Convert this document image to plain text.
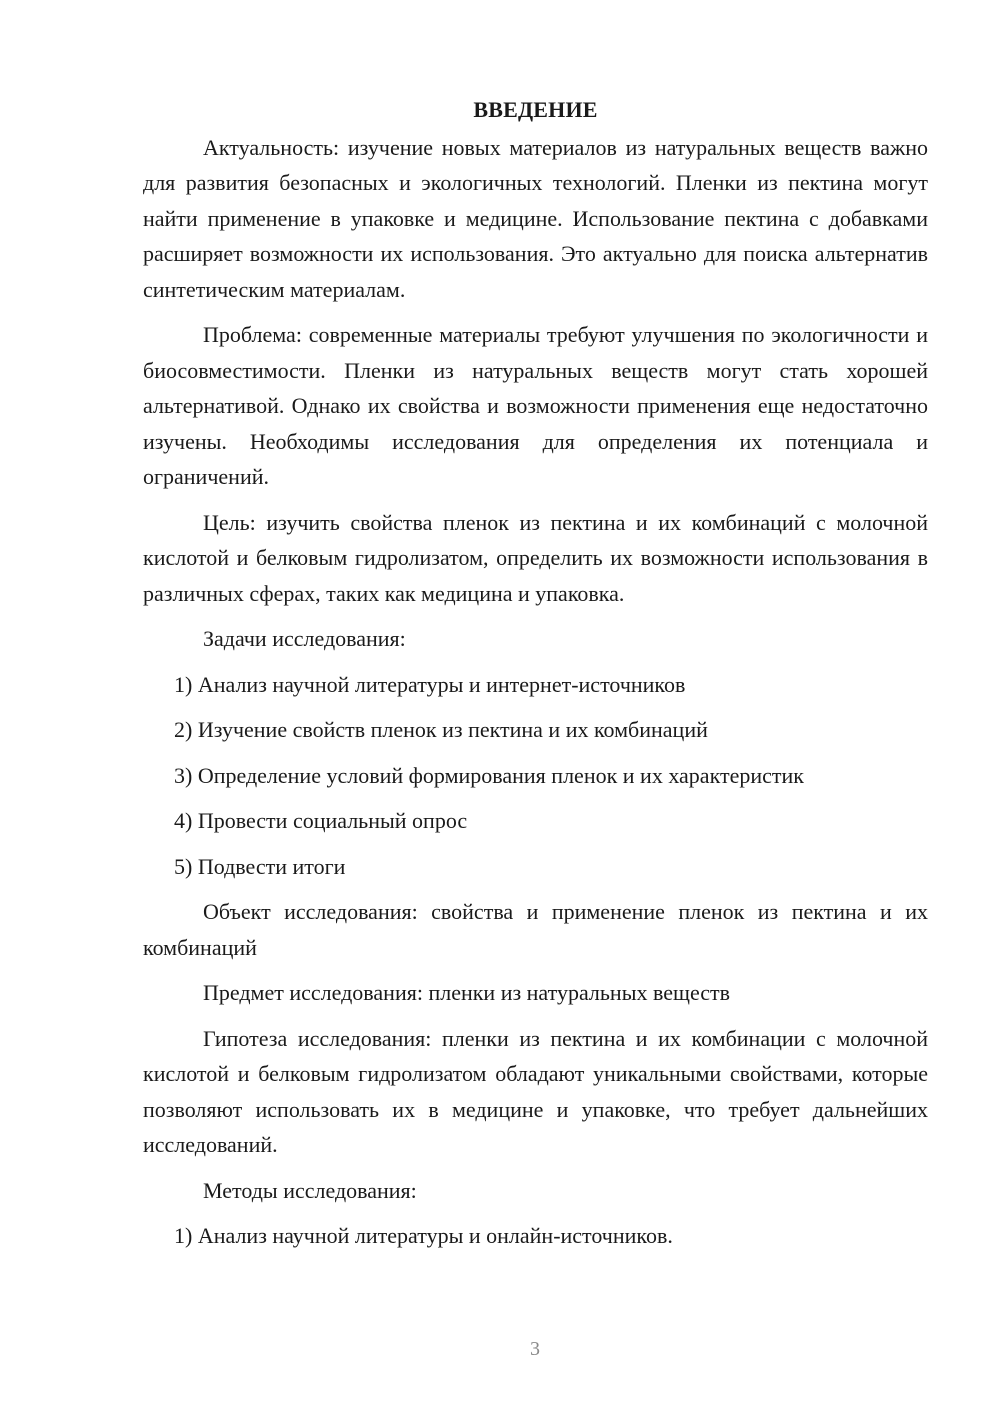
ВВЕДЕНИЕ

Актуальность: изучение новых материалов из натуральных веществ важно для развития безопасных и экологичных технологий. Пленки из пектина могут найти применение в упаковке и медицине. Использование пектина с добавками расширяет возможности их использования. Это актуально для поиска альтернатив синтетическим материалам.

Проблема: современные материалы требуют улучшения по экологичности и биосовместимости. Пленки из натуральных веществ могут стать хорошей альтернативой. Однако их свойства и возможности применения еще недостаточно изучены. Необходимы исследования для определения их потенциала и ограничений.

Цель: изучить свойства пленок из пектина и их комбинаций с молочной кислотой и белковым гидролизатом, определить их возможности использования в различных сферах, таких как медицина и упаковка.

Задачи исследования:

1) Анализ научной литературы и интернет-источников

2) Изучение свойств пленок из пектина и их комбинаций

3) Определение условий формирования пленок и их характеристик

4) Провести социальный опрос

5) Подвести итоги

Объект исследования: свойства и применение пленок из пектина и их комбинаций

Предмет исследования: пленки из натуральных веществ

Гипотеза исследования: пленки из пектина и их комбинации с молочной кислотой и белковым гидролизатом обладают уникальными свойствами, которые позволяют использовать их в медицине и упаковке, что требует дальнейших исследований.

Методы исследования:

1) Анализ научной литературы и онлайн-источников.

3
